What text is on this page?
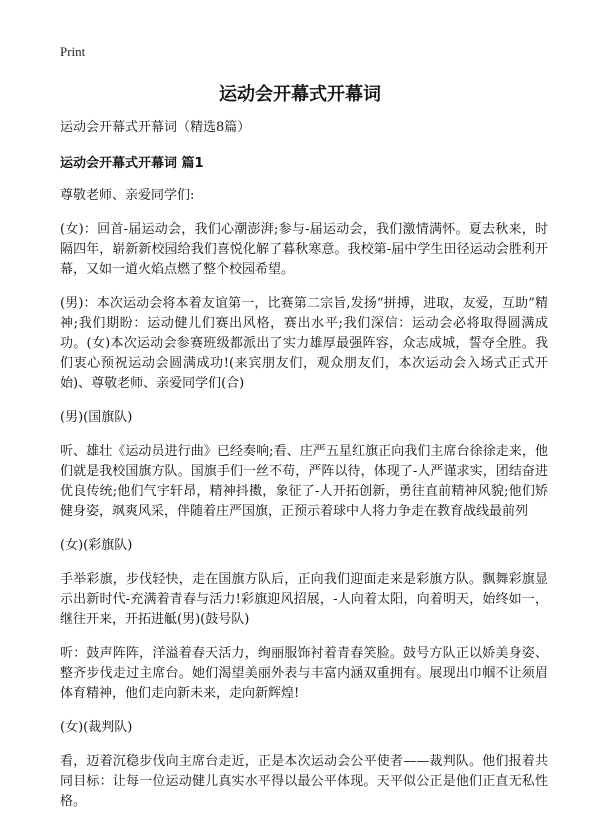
Print
运动会开幕式开幕词
运动会开幕式开幕词（精选8篇）
运动会开幕式开幕词 篇1
尊敬老师、亲爱同学们:
(女)：回首-届运动会，我们心潮澎湃;参与-届运动会，我们激情满怀。夏去秋来，时隔四年，崭新新校园给我们喜悦化解了暮秋寒意。我校第-届中学生田径运动会胜利开幕，又如一道火焰点燃了整个校园希望。
(男)：本次运动会将本着友谊第一，比赛第二宗旨,发扬“拼搏，进取，友爱，互助”精神;我们期盼：运动健儿们赛出风格，赛出水平;我们深信：运动会必将取得圆满成功。(女)本次运动会参赛班级都派出了实力雄厚最强阵容，众志成城，誓夺全胜。我们衷心预祝运动会圆满成功!(来宾朋友们，观众朋友们，本次运动会入场式正式开始)、尊敬老师、亲爱同学们(合)
(男)(国旗队)
听、雄壮《运动员进行曲》已经奏响;看、庄严五星红旗正向我们主席台徐徐走来，他们就是我校国旗方队。国旗手们一丝不苟，严阵以待，体现了-人严谨求实，团结奋进优良传统;他们气宇轩昂，精神抖擞，象征了-人开拓创新，勇往直前精神风貌;他们矫健身姿，飒爽风采，伴随着庄严国旗，正预示着球中人将力争走在教育战线最前列
(女)(彩旗队)
手举彩旗，步伐轻快，走在国旗方队后，正向我们迎面走来是彩旗方队。飘舞彩旗显示出新时代-充满着青春与活力!彩旗迎风招展，-人向着太阳，向着明天，始终如一，继往开来，开拓进觝(男)(鼓号队)
听：鼓声阵阵，洋溢着春天活力，绚丽服饰衬着青春笑脸。鼓号方队正以娇美身姿、整齐步伐走过主席台。她们渴望美丽外表与丰富内涵双重拥有。展现出巾帼不让须眉体育精神，他们走向新未来，走向新辉煌!
(女)(裁判队)
看，迈着沉稳步伐向主席台走近，正是本次运动会公平使者——裁判队。他们报着共同目标：让每一位运动健儿真实水平得以最公平体现。天平似公正是他们正直无私性格。
